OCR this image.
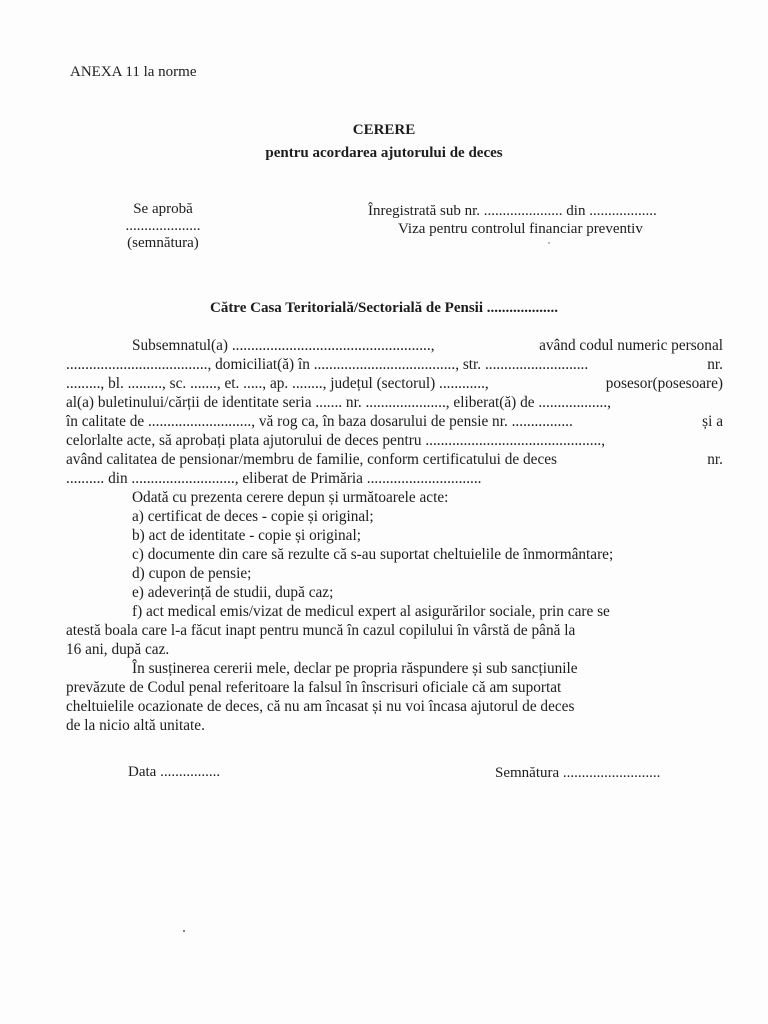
ANEXA 11 la norme
CERERE
pentru acordarea ajutorului de deces
Se aprobă
....................
(semnătura)
Înregistrată sub nr. ..................... din ..................
Viza pentru controlul financiar preventiv
Către Casa Teritorială/Sectorială de Pensii ...................
Subsemnatul(a) ....................................................,	având codul numeric personal
....................................., domiciliat(ă) în ....................................., str. ...........................	nr.
........., bl. ........., sc. ......., et. ....., ap. ........, județul (sectorul) ............,	posesor(posesoare)
al(a) buletinului/cărții de identitate seria ....... nr. ....................., eliberat(ă) de ..................,
în calitate de ..........................., vă rog ca, în baza dosarului de pensie nr. ................	și a
celorlalte acte, să aprobați plata ajutorului de deces pentru ..............................................,
având calitatea de pensionar/membru de familie, conform certificatului de deces	nr.
.......... din ..........................., eliberat de Primăria ..............................
Odată cu prezenta cerere depun și următoarele acte:
a) certificat de deces - copie și original;
b) act de identitate - copie și original;
c) documente din care să rezulte că s-au suportat cheltuielile de înmormântare;
d) cupon de pensie;
e) adeverință de studii, după caz;
f) act medical emis/vizat de medicul expert al asigurărilor sociale, prin care se
atestă boala care l-a făcut inapt pentru muncă în cazul copilului în vârstă de până la
16 ani, după caz.
În susținerea cererii mele, declar pe propria răspundere și sub sancțiunile
prevăzute de Codul penal referitoare la falsul în înscrisuri oficiale că am suportat
cheltuielile ocazionate de deces, că nu am încasat și nu voi încasa ajutorul de deces
de la nicio altă unitate.
Data ................	Semnătura ..........................
